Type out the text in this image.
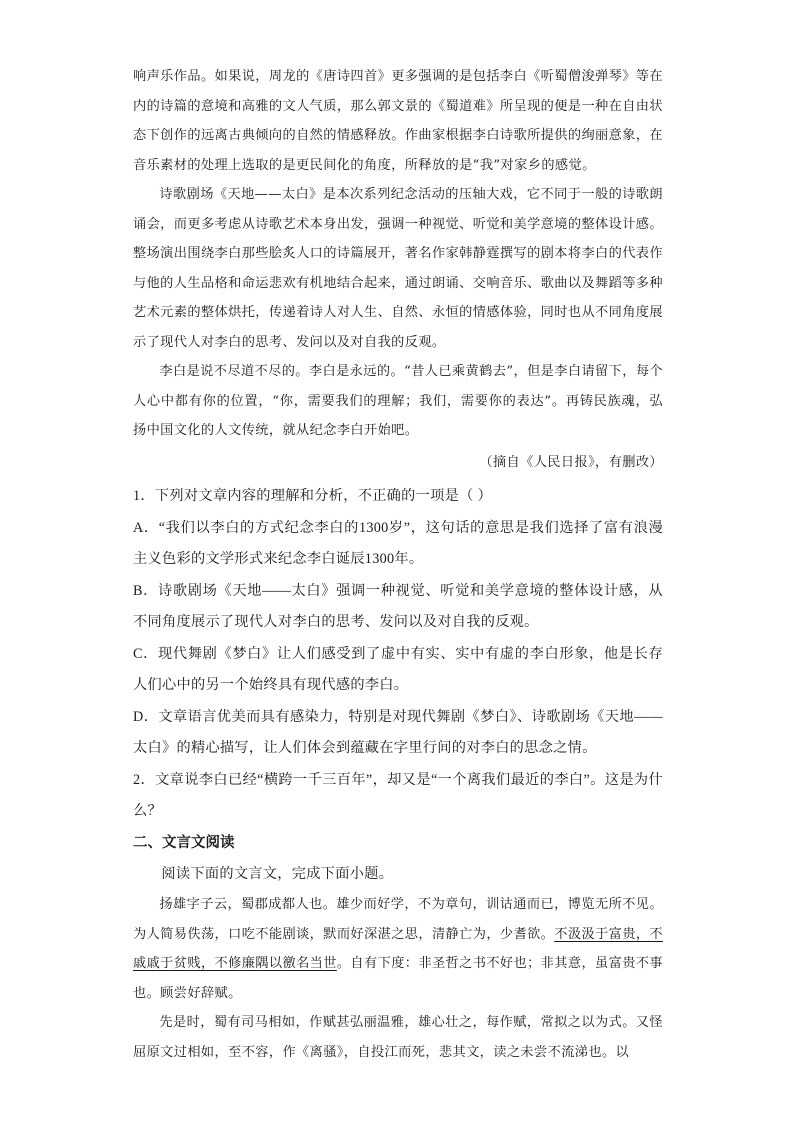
响声乐作品。如果说，周龙的《唐诗四首》更多强调的是包括李白《听蜀僧浚弹琴》等在内的诗篇的意境和高雅的文人气质，那么郭文景的《蜀道难》所呈现的便是一种在自由状态下创作的远离古典倾向的自然的情感释放。作曲家根据李白诗歌所提供的绚丽意象，在音乐素材的处理上选取的是更民间化的角度，所释放的是“我”对家乡的感觉。

诗歌剧场《天地——太白》是本次系列纪念活动的压轴大戏，它不同于一般的诗歌朗诵会，而更多考虑从诗歌艺术本身出发，强调一种视觉、听觉和美学意境的整体设计感。整场演出围绕李白那些脍炙人口的诗篇展开，著名作家韩静霆撰写的剧本将李白的代表作与他的人生品格和命运悲欢有机地结合起来，通过朗诵、交响音乐、歌曲以及舞蹈等多种艺术元素的整体烘托，传递着诗人对人生、自然、永恒的情感体验，同时也从不同角度展示了现代人对李白的思考、发问以及对自我的反观。

李白是说不尽道不尽的。李白是永远的。“昔人已乘黄鹤去”，但是李白请留下，每个人心中都有你的位置，“你，需要我们的理解；我们，需要你的表达”。再铸民族魂，弘扬中国文化的人文传统，就从纪念李白开始吧。

（摘自《人民日报》，有删改）

1．下列对文章内容的理解和分析，不正确的一项是（ ）

A．“我们以李白的方式纪念李白的1300岁”，这句话的意思是我们选择了富有浪漫主义色彩的文学形式来纪念李白诞辰1300年。

B．诗歌剧场《天地——太白》强调一种视觉、听觉和美学意境的整体设计感，从不同角度展示了现代人对李白的思考、发问以及对自我的反观。

C．现代舞剧《梦白》让人们感受到了虚中有实、实中有虚的李白形象，他是长存人们心中的另一个始终具有现代感的李白。

D．文章语言优美而具有感染力，特别是对现代舞剧《梦白》、诗歌剧场《天地——太白》的精心描写，让人们体会到蕴藏在字里行间的对李白的思念之情。

2．文章说李白已经“横跨一千三百年”，却又是“一个离我们最近的李白”。这是为什么？

二、文言文阅读

阅读下面的文言文，完成下面小题。

扬雄字子云，蜀郡成都人也。雄少而好学，不为章句，训诂通而已，博览无所不见。为人简易佚荡，口吃不能剧谈，默而好深湛之思，清静亡为，少耆欲。不汲汲于富贵，不戚戚于贫贱，不修廉隅以徼名当世。自有下度：非圣哲之书不好也；非其意，虽富贵不事也。顾尝好辞赋。

先是时，蜀有司马相如，作赋甚弘丽温雅，雄心壮之，每作赋，常拟之以为式。又怪屈原文过相如，至不容，作《离骚》，自投江而死，悲其文，读之未尝不流涕也。以
